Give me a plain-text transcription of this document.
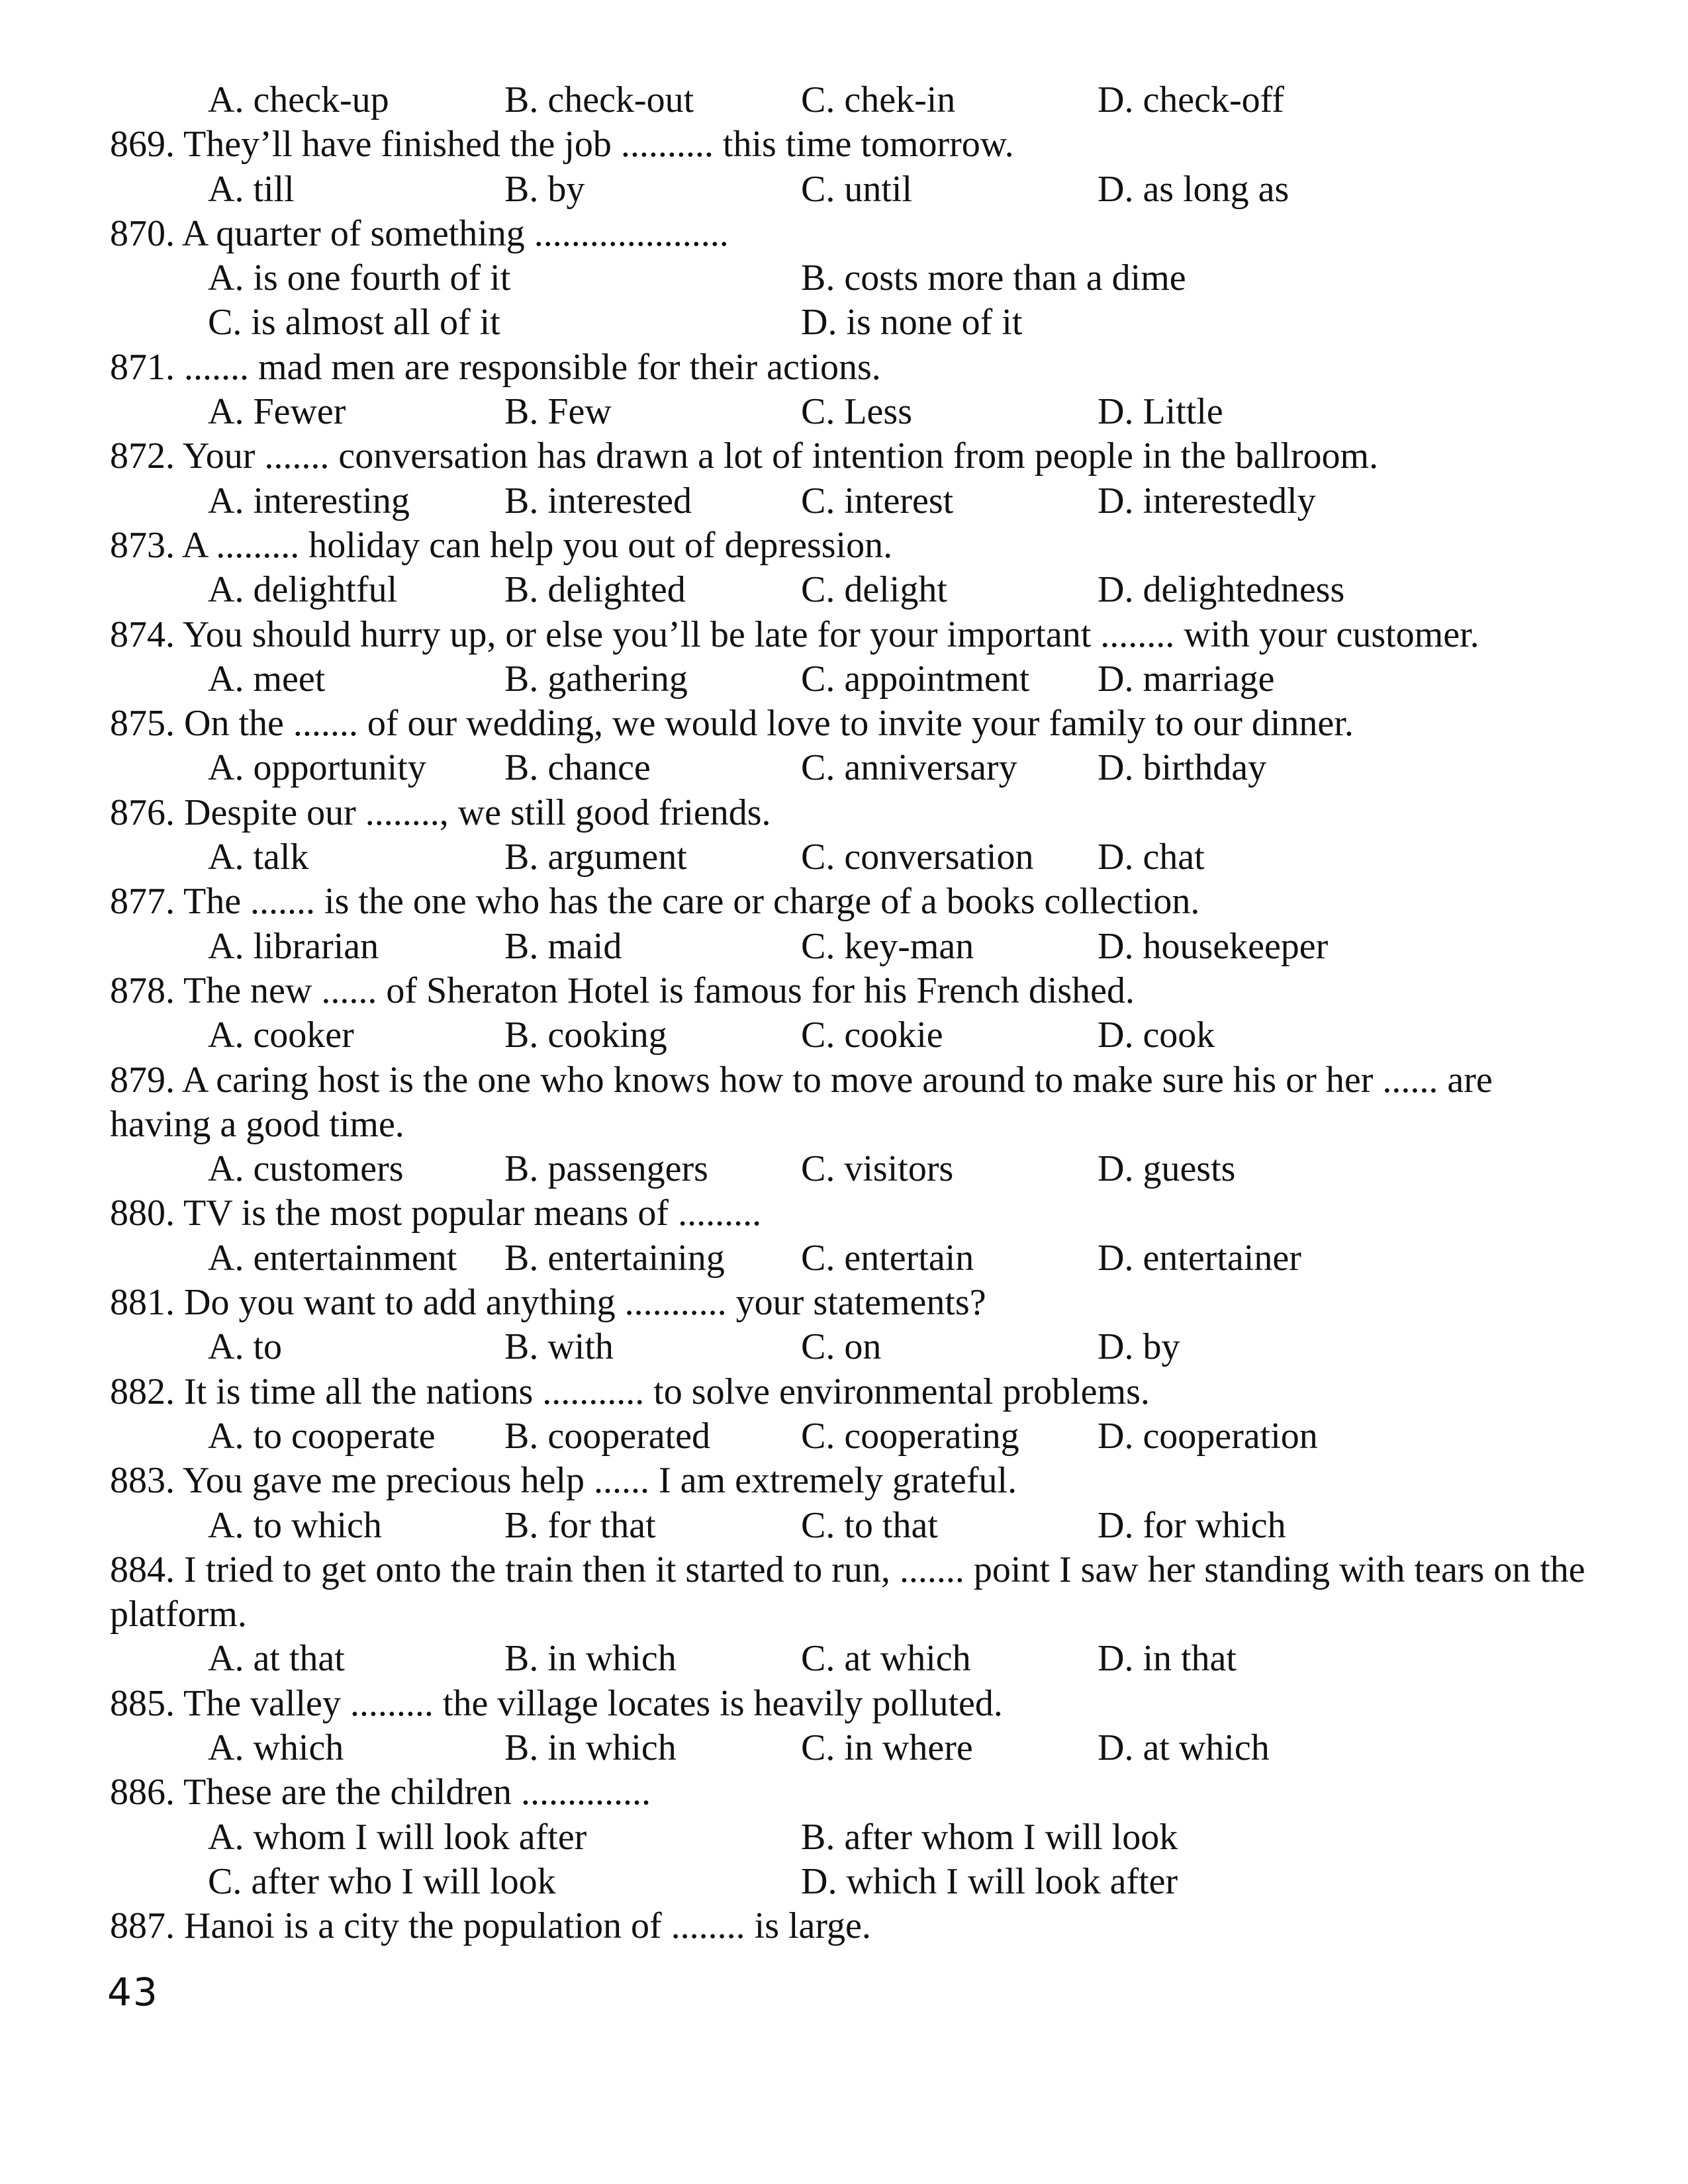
A. check-up	B. check-out	C. chek-in	D. check-off

869. They’ll have finished the job .......... this time tomorrow.

A. till	B. by	C. until	D. as long as

870. A quarter of something .....................

A. is one fourth of it	B. costs more than a dime
C. is almost all of it	D. is none of it

871. ....... mad men are responsible for their actions.

A. Fewer	B. Few	C. Less	D. Little

872. Your ....... conversation has drawn a lot of intention from people in the ballroom.

A. interesting	B. interested	C. interest	D. interestedly

873. A ......... holiday can help you out of depression.

A. delightful	B. delighted	C. delight	D. delightedness

874. You should hurry up, or else you’ll be late for your important ........ with your customer.

A. meet	B. gathering	C. appointment	D. marriage

875. On the ....... of our wedding, we would love to invite your family to our dinner.

A. opportunity	B. chance	C. anniversary	D. birthday

876. Despite our ........, we still good friends.

A. talk	B. argument	C. conversation	D. chat

877. The ....... is the one who has the care or charge of a books collection.

A. librarian	B. maid	C. key-man	D. housekeeper

878. The new ...... of Sheraton Hotel is famous for his French dished.

A. cooker	B. cooking	C. cookie	D. cook

879. A caring host is the one who knows how to move around to make sure his or her ...... are having a good time.

A. customers	B. passengers	C. visitors	D. guests

880. TV is the most popular means of .........

A. entertainment	B. entertaining	C. entertain	D. entertainer

881. Do you want to add anything ........... your statements?

A. to	B. with	C. on	D. by

882. It is time all the nations ........... to solve environmental problems.

A. to cooperate	B. cooperated	C. cooperating	D. cooperation

883. You gave me precious help ...... I am extremely grateful.

A. to which	B. for that	C. to that	D. for which

884. I tried to get onto the train then it started to run, ....... point I saw her standing with tears on the platform.

A. at that	B. in which	C. at which	D. in that

885. The valley ......... the village locates is heavily polluted.

A. which	B. in which	C. in where	D. at which

886. These are the children ..............

A. whom I will look after	B. after whom I will look
C. after who I will look	D. which I will look after

887. Hanoi is a city the population of ........ is large.

43
